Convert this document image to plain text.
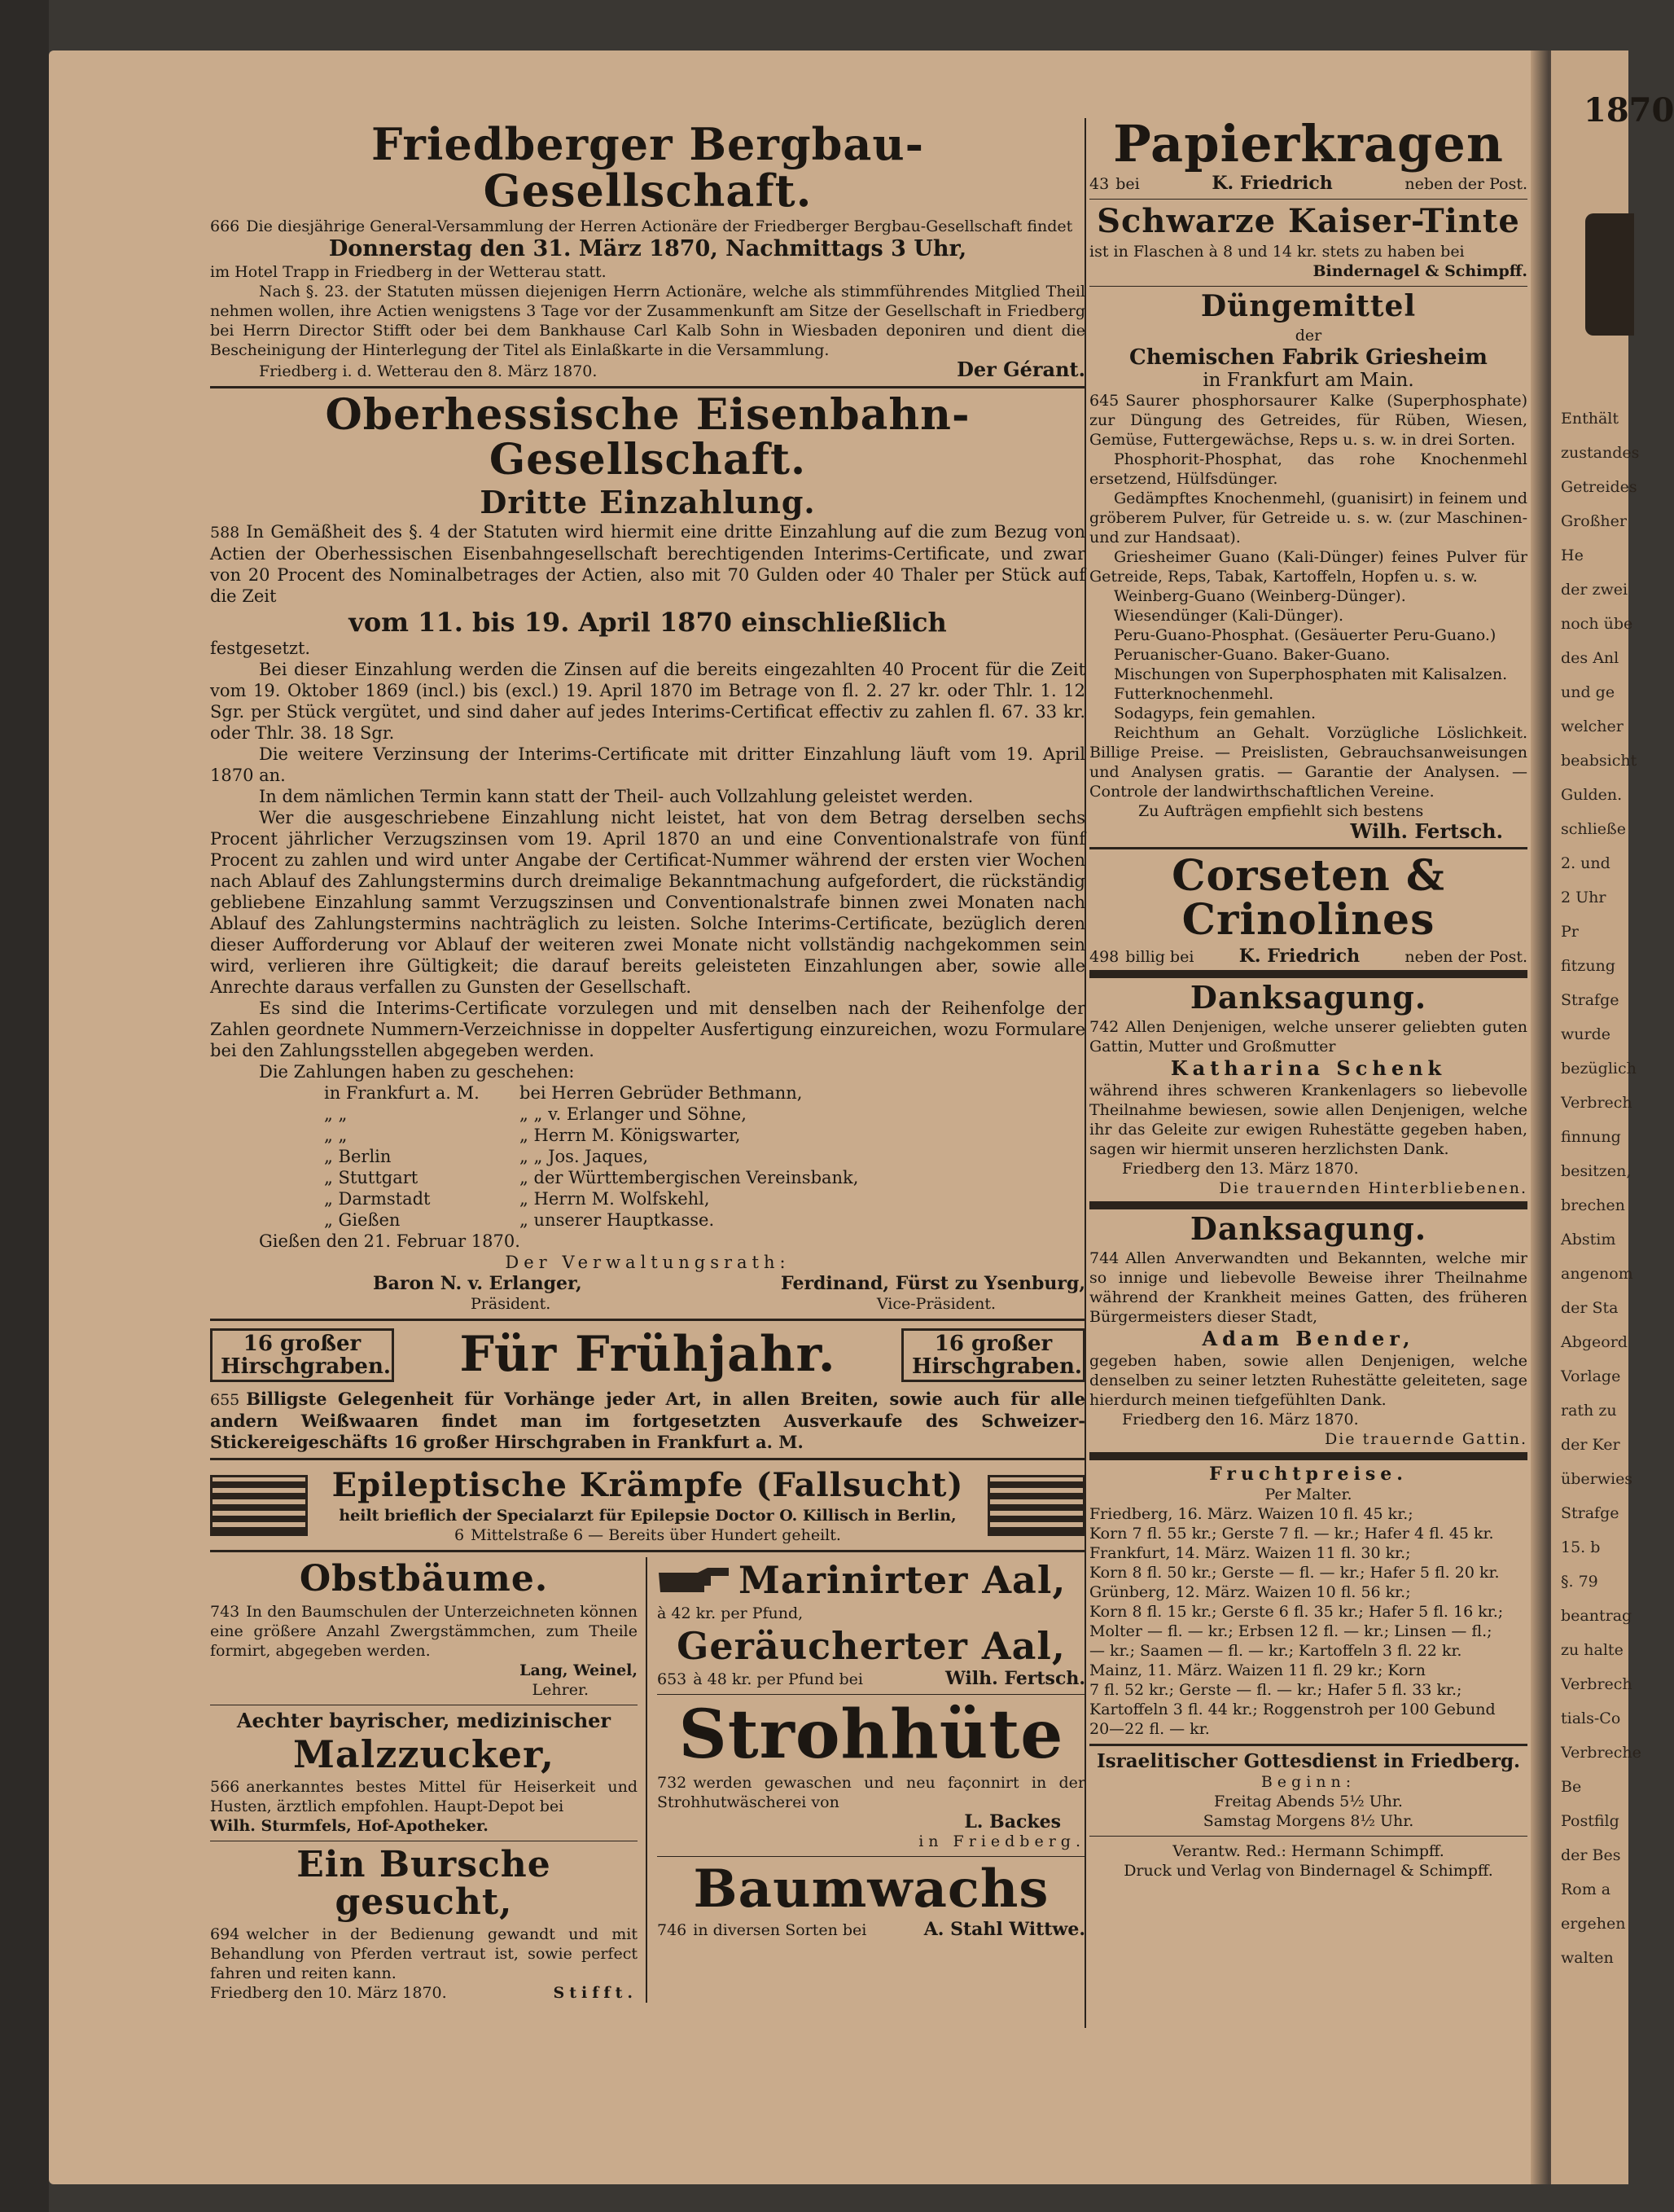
Friedberger Bergbau-Gesellschaft.

666 Die diesjährige General-Versammlung der Herren Actionäre der Friedberger Bergbau-Gesellschaft findet

Donnerstag den 31. März 1870, Nachmittags 3 Uhr,

im Hotel Trapp in Friedberg in der Wetterau statt.

Nach §. 23. der Statuten müssen diejenigen Herrn Actionäre, welche als stimmführendes Mitglied Theil nehmen wollen, ihre Actien wenigstens 3 Tage vor der Zusammenkunft am Sitze der Gesellschaft in Friedberg bei Herrn Director Stifft oder bei dem Bankhause Carl Kalb Sohn in Wiesbaden deponiren und dient die Bescheinigung der Hinterlegung der Titel als Einlaßkarte in die Versammlung.

Friedberg i. d. Wetterau den 8. März 1870.	Der Gérant.
Oberhessische Eisenbahn-Gesellschaft.
Dritte Einzahlung.

588 In Gemäßheit des §. 4 der Statuten wird hiermit eine dritte Einzahlung auf die zum Bezug von Actien der Oberhessischen Eisenbahngesellschaft berechtigenden Interims-Certificate, und zwar von 20 Procent des Nominalbetrages der Actien, also mit 70 Gulden oder 40 Thaler per Stück auf die Zeit

vom 11. bis 19. April 1870 einschließlich

festgesetzt.

Bei dieser Einzahlung werden die Zinsen auf die bereits eingezahlten 40 Procent für die Zeit vom 19. Oktober 1869 (incl.) bis (excl.) 19. April 1870 im Betrage von fl. 2. 27 kr. oder Thlr. 1. 12 Sgr. per Stück vergütet, und sind daher auf jedes Interims-Certificat effectiv zu zahlen fl. 67. 33 kr. oder Thlr. 38. 18 Sgr.

Die weitere Verzinsung der Interims-Certificate mit dritter Einzahlung läuft vom 19. April 1870 an.

In dem nämlichen Termin kann statt der Theil- auch Vollzahlung geleistet werden.

Wer die ausgeschriebene Einzahlung nicht leistet, hat von dem Betrag derselben sechs Procent jährlicher Verzugszinsen vom 19. April 1870 an und eine Conventionalstrafe von fünf Procent zu zahlen und wird unter Angabe der Certificat-Nummer während der ersten vier Wochen nach Ablauf des Zahlungstermins durch dreimalige Bekanntmachung aufgefordert, die rückständig gebliebene Einzahlung sammt Verzugszinsen und Conventionalstrafe binnen zwei Monaten nach Ablauf des Zahlungstermins nachträglich zu leisten. Solche Interims-Certificate, bezüglich deren dieser Aufforderung vor Ablauf der weiteren zwei Monate nicht vollständig nachgekommen sein wird, verlieren ihre Gültigkeit; die darauf bereits geleisteten Einzahlungen aber, sowie alle Anrechte daraus verfallen zu Gunsten der Gesellschaft.

Es sind die Interims-Certificate vorzulegen und mit denselben nach der Reihenfolge der Zahlen geordnete Nummern-Verzeichnisse in doppelter Ausfertigung einzureichen, wozu Formulare bei den Zahlungsstellen abgegeben werden.

Die Zahlungen haben zu geschehen:

in Frankfurt a. M.	bei Herren Gebrüder Bethmann,
„ „	„ „ v. Erlanger und Söhne,
„ „	„ Herrn M. Königswarter,
„ Berlin	„ „ Jos. Jaques,
„ Stuttgart	„ der Württembergischen Vereinsbank,
„ Darmstadt	„ Herrn M. Wolfskehl,
„ Gießen	„ unserer Hauptkasse.

Gießen den 21. Februar 1870.

Der Verwaltungsrath:

Baron N. v. Erlanger,	Ferdinand, Fürst zu Ysenburg,
Präsident.	Vice-Präsident.
16 großer Hirschgraben. Für Frühjahr.	16 großer Hirschgraben.

655 Billigste Gelegenheit für Vorhänge jeder Art, in allen Breiten, sowie auch für alle andern Weißwaaren findet man im fortgesetzten Ausverkaufe des Schweizer-Stickereigeschäfts 16 großer Hirschgraben in Frankfurt a. M.

Epileptische Krämpfe (Fallsucht)

heilt brieflich der Specialarzt für Epilepsie Doctor O. Killisch in Berlin,

6 Mittelstraße 6 — Bereits über Hundert geheilt.

Obstbäume.

743 In den Baumschulen der Unterzeichneten können eine größere Anzahl Zwergstämmchen, zum Theile formirt, abgegeben werden.

Lang, Weinel,

Lehrer.

Aechter bayrischer, medizinischer

Malzzucker,

566 anerkanntes bestes Mittel für Heiserkeit und Husten, ärztlich empfohlen. Haupt-Depot bei

Wilh. Sturmfels, Hof-Apotheker.

Ein Bursche gesucht,

694 welcher in der Bedienung gewandt und mit Behandlung von Pferden vertraut ist, sowie perfect fahren und reiten kann.

Friedberg den 10. März 1870.	Stifft.
Marinirter Aal,

à 42 kr. per Pfund,

Geräucherter Aal,
653 à 48 kr. per Pfund bei	Wilh. Fertsch.
Strohhüte

732 werden gewaschen und neu façonnirt in der Strohhutwäscherei von

L. Backes

in Friedberg.

Baumwachs
746 in diversen Sorten bei	A. Stahl Wittwe.
Papierkragen
43 bei	K. Friedrich	neben der Post.
Schwarze Kaiser-Tinte

ist in Flaschen à 8 und 14 kr. stets zu haben bei

Bindernagel & Schimpff.

Düngemittel

der

Chemischen Fabrik Griesheim

in Frankfurt am Main.

645 Saurer phosphorsaurer Kalke (Superphosphate) zur Düngung des Getreides, für Rüben, Wiesen, Gemüse, Futtergewächse, Reps u. s. w. in drei Sorten.

Phosphorit-Phosphat, das rohe Knochenmehl ersetzend, Hülfsdünger.

Gedämpftes Knochenmehl, (guanisirt) in feinem und gröberem Pulver, für Getreide u. s. w. (zur Maschinen- und zur Handsaat).

Griesheimer Guano (Kali-Dünger) feines Pulver für Getreide, Reps, Tabak, Kartoffeln, Hopfen u. s. w.

Weinberg-Guano (Weinberg-Dünger).

Wiesendünger (Kali-Dünger).

Peru-Guano-Phosphat. (Gesäuerter Peru-Guano.)

Peruanischer-Guano. Baker-Guano.

Mischungen von Superphosphaten mit Kalisalzen.

Futterknochenmehl.

Sodagyps, fein gemahlen.

Reichthum an Gehalt. Vorzügliche Löslichkeit. Billige Preise. — Preislisten, Gebrauchsanweisungen und Analysen gratis. — Garantie der Analysen. — Controle der landwirthschaftlichen Vereine.

Zu Aufträgen empfiehlt sich bestens

Wilh. Fertsch.

Corseten & Crinolines
498 billig bei	K. Friedrich	neben der Post.
Danksagung.

742 Allen Denjenigen, welche unserer geliebten guten Gattin, Mutter und Großmutter

Katharina Schenk

während ihres schweren Krankenlagers so liebevolle Theilnahme bewiesen, sowie allen Denjenigen, welche ihr das Geleite zur ewigen Ruhestätte gegeben haben, sagen wir hiermit unseren herzlichsten Dank.

Friedberg den 13. März 1870.

Die trauernden Hinterbliebenen.

Danksagung.

744 Allen Anverwandten und Bekannten, welche mir so innige und liebevolle Beweise ihrer Theilnahme während der Krankheit meines Gatten, des früheren Bürgermeisters dieser Stadt,

Adam Bender,

gegeben haben, sowie allen Denjenigen, welche denselben zu seiner letzten Ruhestätte geleiteten, sage hierdurch meinen tiefgefühlten Dank.

Friedberg den 16. März 1870.

Die trauernde Gattin.

Fruchtpreise.

Per Malter.

Friedberg, 16. März. Waizen 10 fl. 45 kr.;

Korn 7 fl. 55 kr.; Gerste 7 fl. — kr.; Hafer 4 fl. 45 kr.

Frankfurt, 14. März. Waizen 11 fl. 30 kr.;

Korn 8 fl. 50 kr.; Gerste — fl. — kr.; Hafer 5 fl. 20 kr.

Grünberg, 12. März. Waizen 10 fl. 56 kr.;

Korn 8 fl. 15 kr.; Gerste 6 fl. 35 kr.; Hafer 5 fl. 16 kr.;

Molter — fl. — kr.; Erbsen 12 fl. — kr.; Linsen — fl.;

— kr.; Saamen — fl. — kr.; Kartoffeln 3 fl. 22 kr.

Mainz, 11. März. Waizen 11 fl. 29 kr.; Korn

7 fl. 52 kr.; Gerste — fl. — kr.; Hafer 5 fl. 33 kr.;

Kartoffeln 3 fl. 44 kr.; Roggenstroh per 100 Gebund

20—22 fl. — kr.

Israelitischer Gottesdienst in Friedberg.

Beginn:

Freitag Abends 5½ Uhr.

Samstag Morgens 8½ Uhr.

Verantw. Red.: Hermann Schimpff.

Druck und Verlag von Bindernagel & Schimpff.

1870
Enthält
zustandes
Getreides
Großher
He
der zwei
noch übe
des Anl
und ge
welcher
beabsicht
Gulden.
schließe
2. und
2 Uhr
Pr
fitzung
Strafge
wurde
bezüglich
Verbrech
finnung
besitzen,
brechen
Abstim
angenom
der Sta
Abgeord
Vorlage
rath zu
der Ker
überwies
Strafge
15. b
§. 79
beantrag
zu halte
Verbrech
tials-Co
Verbreche
Be
Postfilg
der Bes
Rom a
ergehen
walten
